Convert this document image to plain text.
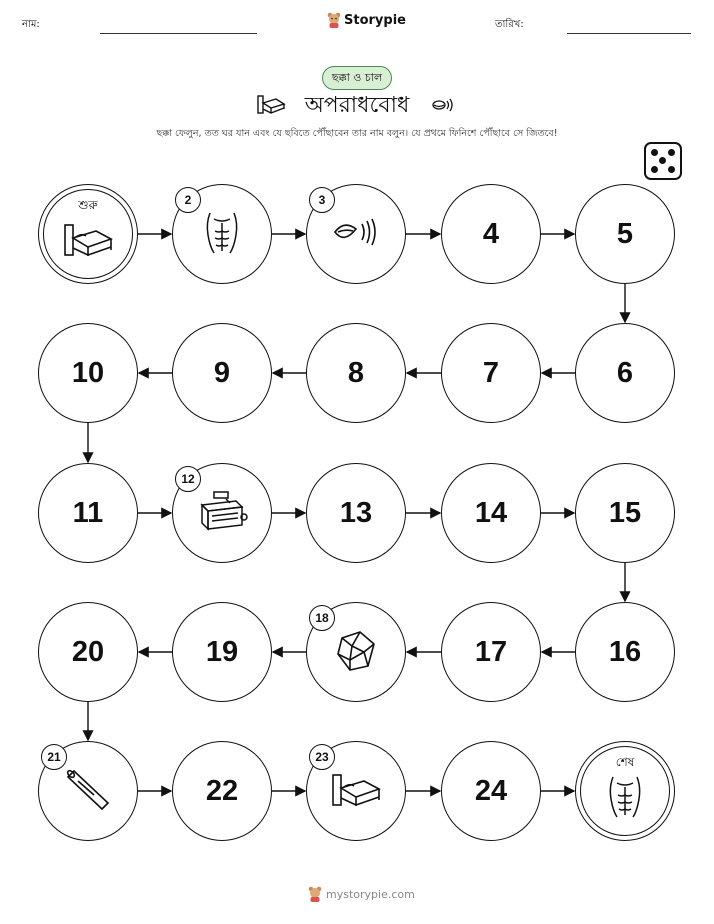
নাম:	Storypie	তারিখ:
ছক্কা ও চাল
অপরাধবোধ
ছক্কা ফেলুন, তত ঘর যান এবং যে ছবিতে পৌঁছাবেন তার নাম বলুন। যে প্রথমে ফিনিশে পৌঁছাবে সে জিতবে!
শুরু	2	3
4	5
6
7
8
9
10
11
12
13	14	15
16
17
18
19
20
21
22
23
24
শেষ
mystorypie.com
